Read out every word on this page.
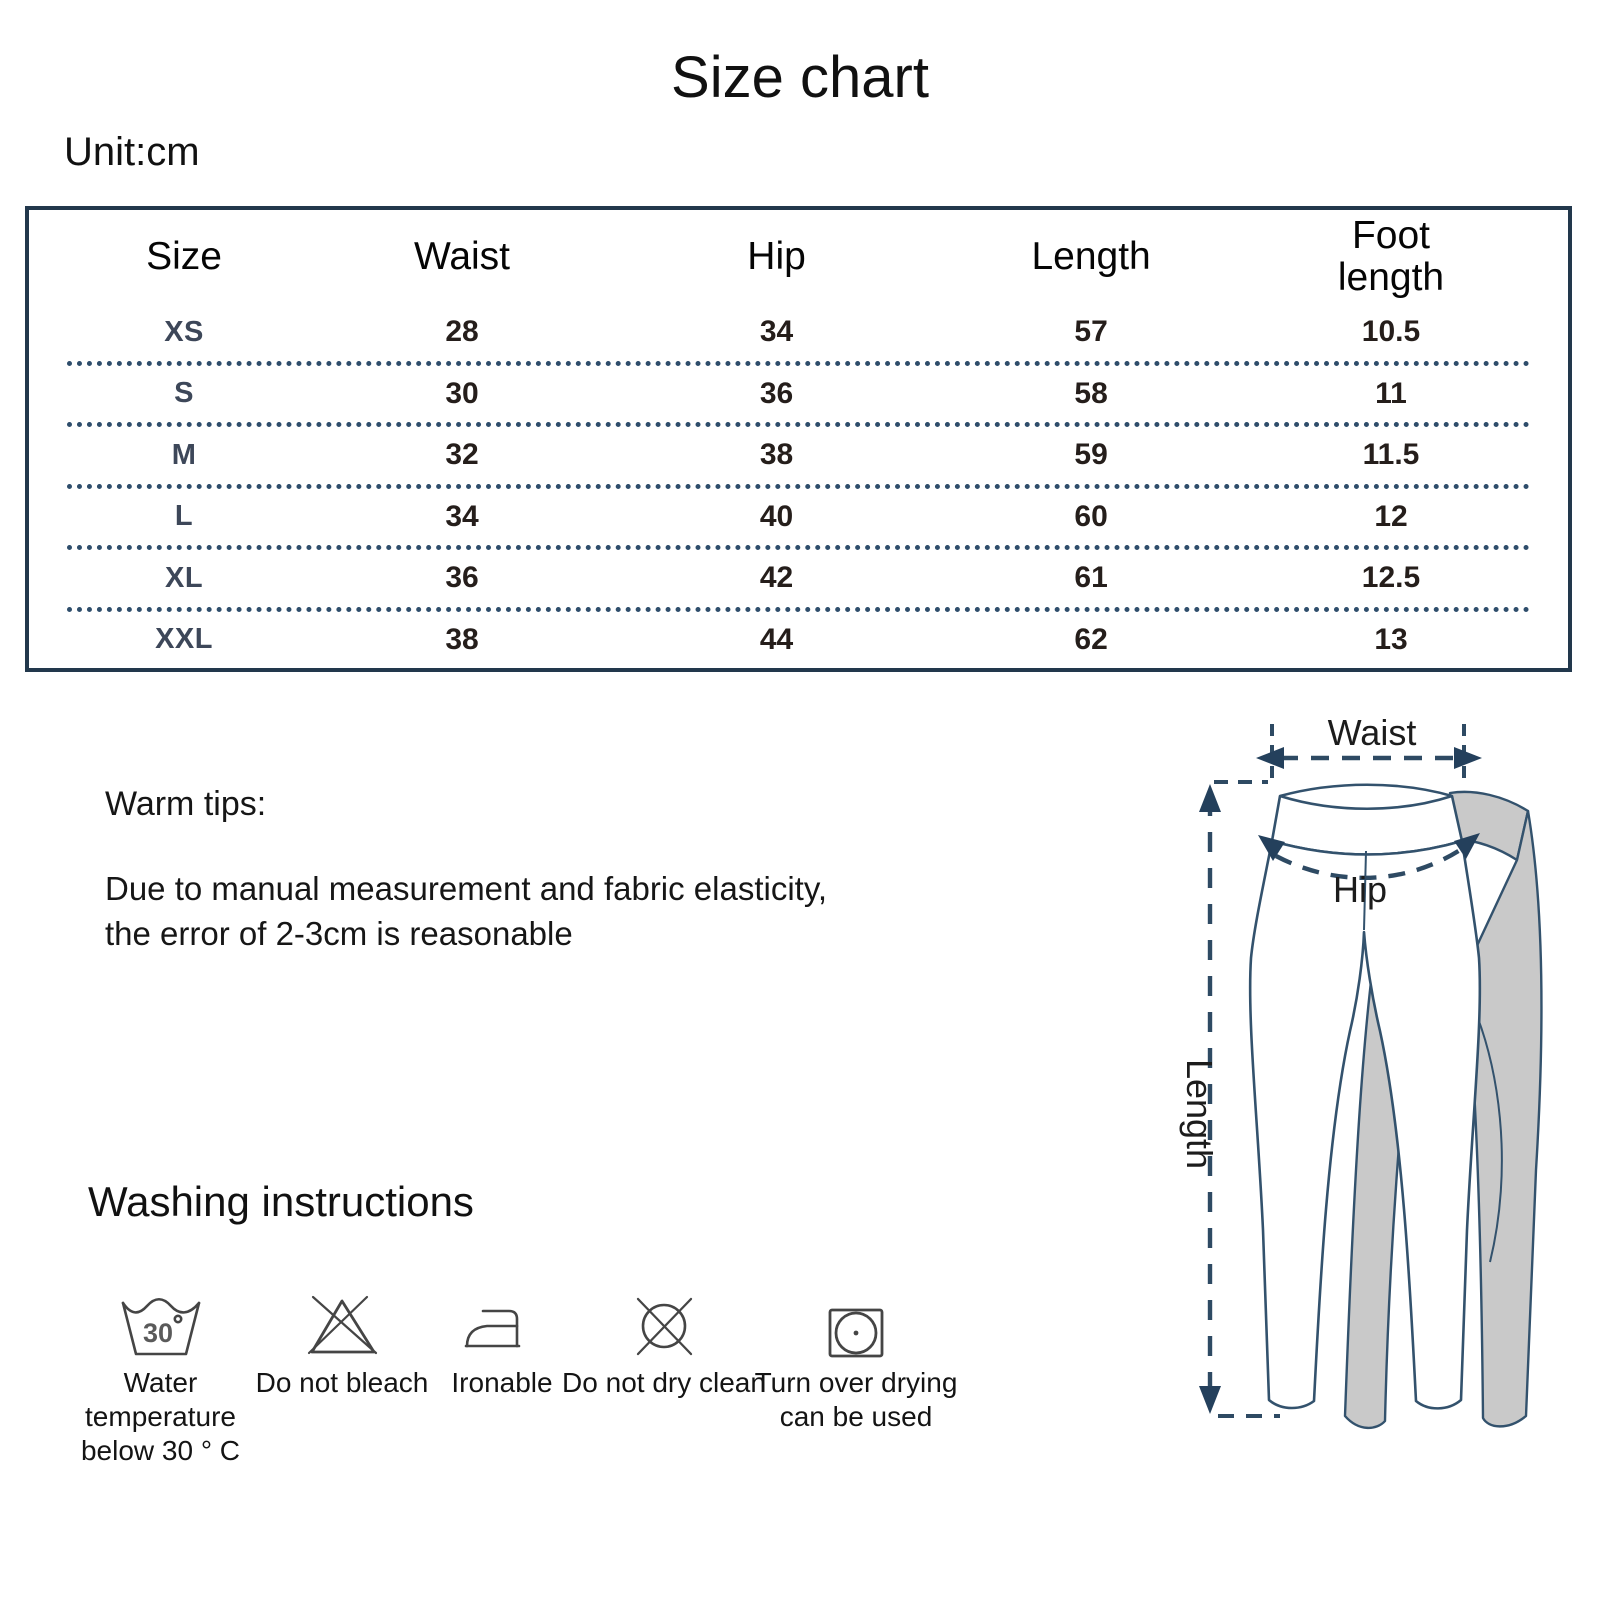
Size chart
Unit:cm
Size	Waist	Hip	Length	Foot length
XS	28	34	57	10.5
S	30	36	58	11
M	32	38	59	11.5
L	34	40	60	12
XL	36	42	61	12.5
XXL	38	44	62	13
Warm tips:
Due to manual measurement and fabric elasticity,
the error of 2-3cm is reasonable
Washing instructions
30
Water temperature below 30 ° C
Do not bleach Ironable Do not dry clean
Turn over drying can be used
Waist
Hip
Length
